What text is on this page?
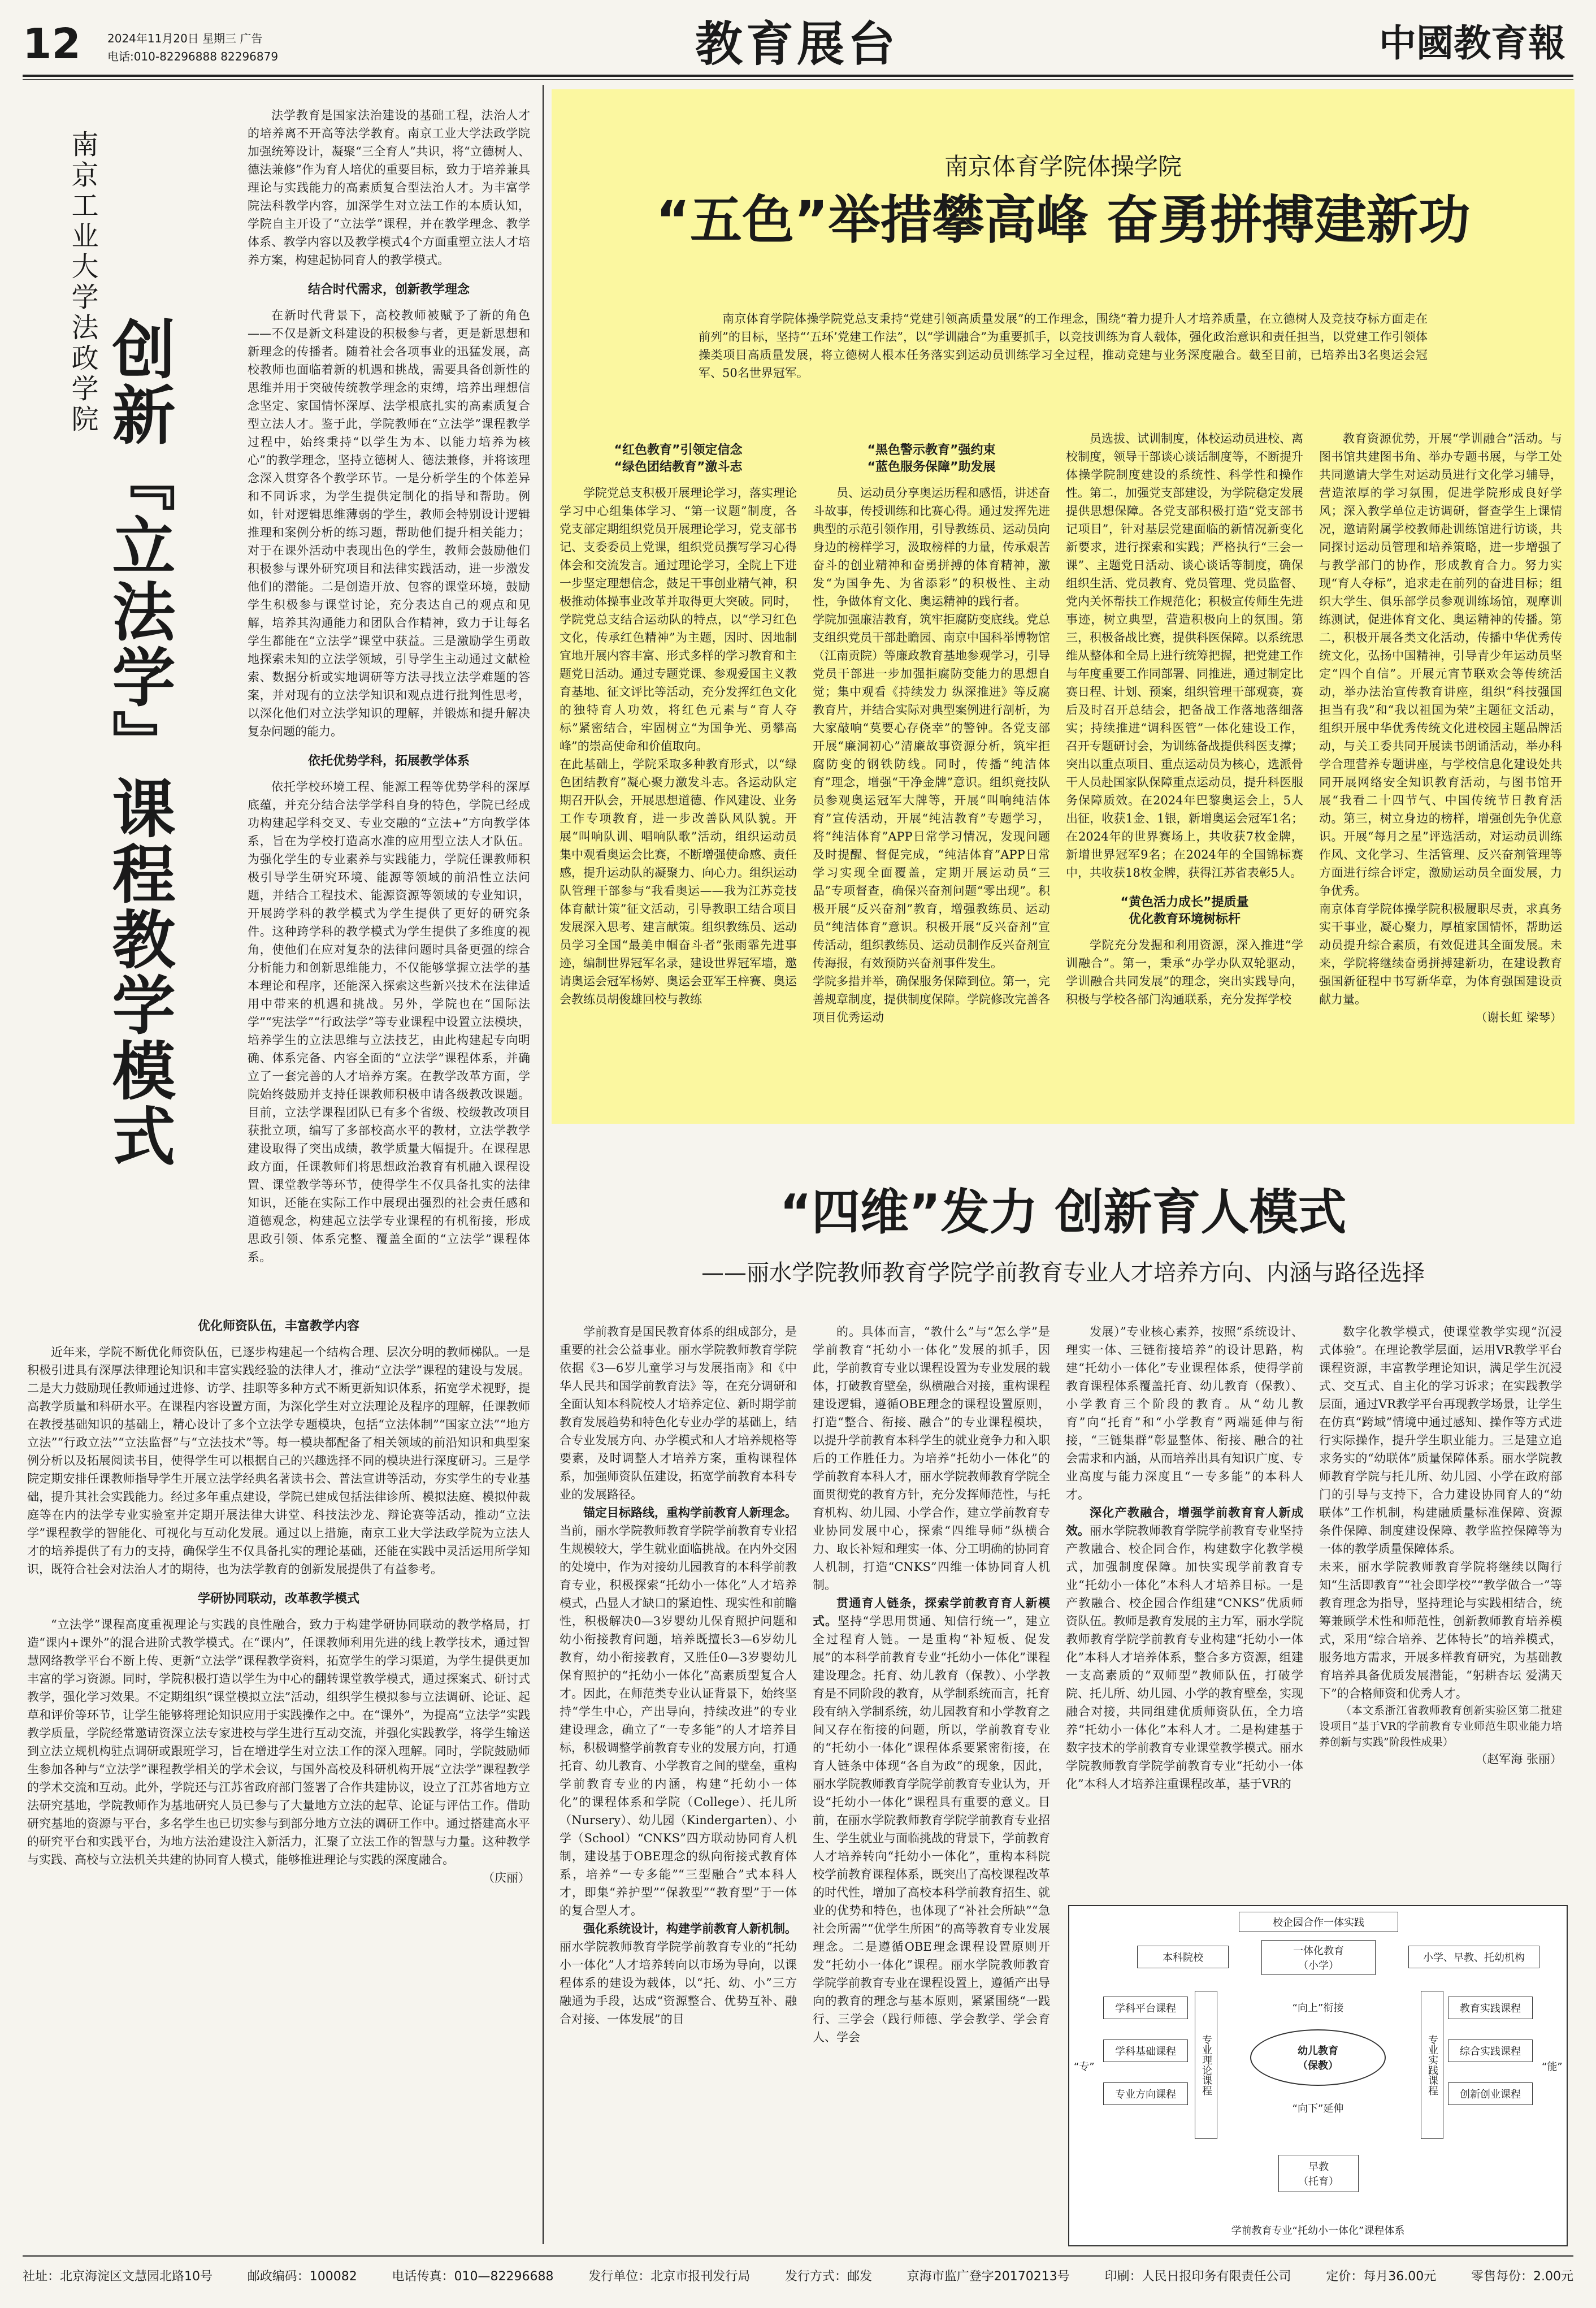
12 2024年11月20日 星期三 广告
电话:010-82296888 82296879	教育展台	中國教育報
南京工业大学法政学院
创新『立法学』课程教学模式

法学教育是国家法治建设的基础工程，法治人才的培养离不开高等法学教育。南京工业大学法政学院加强统筹设计，凝聚“三全育人”共识，将“立德树人、德法兼修”作为育人培优的重要目标，致力于培养兼具理论与实践能力的高素质复合型法治人才。为丰富学院法科教学内容，加深学生对立法工作的本质认知，学院自主开设了“立法学”课程，并在教学理念、教学体系、教学内容以及教学模式4个方面重塑立法人才培养方案，构建起协同育人的教学模式。

结合时代需求，创新教学理念

在新时代背景下，高校教师被赋予了新的角色——不仅是新文科建设的积极参与者，更是新思想和新理念的传播者。随着社会各项事业的迅猛发展，高校教师也面临着新的机遇和挑战，需要具备创新性的思维并用于突破传统教学理念的束缚，培养出理想信念坚定、家国情怀深厚、法学根底扎实的高素质复合型立法人才。鉴于此，学院教师在“立法学”课程教学过程中，始终秉持“以学生为本、以能力培养为核心”的教学理念，坚持立德树人、德法兼修，并将该理念深入贯穿各个教学环节。一是分析学生的个体差异和不同诉求，为学生提供定制化的指导和帮助。例如，针对逻辑思维薄弱的学生，教师会特别设计逻辑推理和案例分析的练习题，帮助他们提升相关能力；对于在课外活动中表现出色的学生，教师会鼓励他们积极参与课外研究项目和法律实践活动，进一步激发他们的潜能。二是创造开放、包容的课堂环境，鼓励学生积极参与课堂讨论，充分表达自己的观点和见解，培养其沟通能力和团队合作精神，致力于让每名学生都能在“立法学”课堂中获益。三是激励学生勇敢地探索未知的立法学领域，引导学生主动通过文献检索、数据分析或实地调研等方法寻找立法学难题的答案，并对现有的立法学知识和观点进行批判性思考，以深化他们对立法学知识的理解，并锻炼和提升解决复杂问题的能力。

依托优势学科，拓展教学体系

依托学校环境工程、能源工程等优势学科的深厚底蕴，并充分结合法学学科自身的特色，学院已经成功构建起学科交叉、专业交融的“立法+”方向教学体系，旨在为学校打造高水准的应用型立法人才队伍。为强化学生的专业素养与实践能力，学院任课教师积极引导学生研究环境、能源等领域的前沿性立法问题，并结合工程技术、能源资源等领域的专业知识，开展跨学科的教学模式为学生提供了更好的研究条件。这种跨学科的教学模式为学生提供了多维度的视角，使他们在应对复杂的法律问题时具备更强的综合分析能力和创新思维能力，不仅能够掌握立法学的基本理论和程序，还能深入探索这些新兴技术在法律适用中带来的机遇和挑战。另外，学院也在“国际法学”“宪法学”“行政法学”等专业课程中设置立法模块，培养学生的立法思维与立法技艺，由此构建起专向明确、体系完备、内容全面的“立法学”课程体系，并确立了一套完善的人才培养方案。在教学改革方面，学院始终鼓励并支持任课教师积极申请各级教改课题。目前，立法学课程团队已有多个省级、校级教改项目获批立项，编写了多部校高水平的教材，立法学教学建设取得了突出成绩，教学质量大幅提升。在课程思政方面，任课教师们将思想政治教育有机融入课程设置、课堂教学等环节，使得学生不仅具备扎实的法律知识，还能在实际工作中展现出强烈的社会责任感和道德观念，构建起立法学专业课程的有机衔接，形成思政引领、体系完整、覆盖全面的“立法学”课程体系。

优化师资队伍，丰富教学内容

近年来，学院不断优化师资队伍，已逐步构建起一个结构合理、层次分明的教师梯队。一是积极引进具有深厚法律理论知识和丰富实践经验的法律人才，推动“立法学”课程的建设与发展。二是大力鼓励现任教师通过进修、访学、挂职等多种方式不断更新知识体系，拓宽学术视野，提高教学质量和科研水平。在课程内容设置方面，为深化学生对立法理论及程序的理解，任课教师在教授基础知识的基础上，精心设计了多个立法学专题模块，包括“立法体制”“国家立法”“地方立法”“行政立法”“立法监督”与“立法技术”等。每一模块都配备了相关领域的前沿知识和典型案例分析以及拓展阅读书目，使得学生可以根据自己的兴趣选择不同的模块进行深度研习。三是学院定期安排任课教师指导学生开展立法学经典名著读书会、普法宣讲等活动，夯实学生的专业基础，提升其社会实践能力。经过多年重点建设，学院已建成包括法律诊所、模拟法庭、模拟仲裁庭等在内的法学专业实验室并定期开展法律大讲堂、科技法沙龙、辩论赛等活动，推动“立法学”课程教学的智能化、可视化与互动化发展。通过以上措施，南京工业大学法政学院为立法人才的培养提供了有力的支持，确保学生不仅具备扎实的理论基础，还能在实践中灵活运用所学知识，既符合社会对法治人才的期待，也为法学教育的创新发展提供了有益参考。

学研协同联动，改革教学模式

“立法学”课程高度重视理论与实践的良性融合，致力于构建学研协同联动的教学格局，打造“课内+课外”的混合进阶式教学模式。在“课内”，任课教师利用先进的线上教学技术，通过智慧网络教学平台不断上传、更新“立法学”课程教学资料，拓宽学生的学习渠道，为学生提供更加丰富的学习资源。同时，学院积极打造以学生为中心的翻转课堂教学模式，通过探案式、研讨式教学，强化学习效果。不定期组织“课堂模拟立法”活动，组织学生模拟参与立法调研、论证、起草和评价等环节，让学生能够将理论知识应用于实践操作之中。在“课外”，为提高“立法学”实践教学质量，学院经常邀请资深立法专家进校与学生进行互动交流，并强化实践教学，将学生输送到立法立规机构驻点调研或跟班学习，旨在增进学生对立法工作的深入理解。同时，学院鼓励师生参加各种与“立法学”课程教学相关的学术会议，与国外高校及科研机构开展“立法学”课程教学的学术交流和互动。此外，学院还与江苏省政府部门签署了合作共建协议，设立了江苏省地方立法研究基地，学院教师作为基地研究人员已参与了大量地方立法的起草、论证与评估工作。借助研究基地的资源与平台，多名学生也已切实参与到部分地方立法的调研工作中。通过搭建高水平的研究平台和实践平台，为地方法治建设注入新活力，汇聚了立法工作的智慧与力量。这种教学与实践、高校与立法机关共建的协同育人模式，能够推进理论与实践的深度融合。

（庆丽）
南京体育学院体操学院
“五色”举措攀高峰 奋勇拼搏建新功
南京体育学院体操学院党总支秉持“党建引领高质量发展”的工作理念，围绕“着力提升人才培养质量，在立德树人及竞技夺标方面走在前列”的目标，坚持“‘五环’党建工作法”，以“学训融合”为重要抓手，以竞技训练为育人载体，强化政治意识和责任担当，以党建工作引领体操类项目高质量发展，将立德树人根本任务落实到运动员训练学习全过程，推动竞建与业务深度融合。截至目前，已培养出3名奥运会冠军、50名世界冠军。
“红色教育”引领定信念
“绿色团结教育”激斗志

学院党总支积极开展理论学习，落实理论学习中心组集体学习、“第一议题”制度，各党支部定期组织党员开展理论学习，党支部书记、支委委员上党课，组织党员撰写学习心得体会和交流发言。通过理论学习，全院上下进一步坚定理想信念，鼓足干事创业精气神，积极推动体操事业改革并取得更大突破。同时，学院党总支结合运动队的特点，以“学习红色文化，传承红色精神”为主题，因时、因地制宜地开展内容丰富、形式多样的学习教育和主题党日活动。通过专题党课、参观爱国主义教育基地、征文评比等活动，充分发挥红色文化的独特育人功效，将红色元素与“育人夺标”紧密结合，牢固树立“为国争光、勇攀高峰”的崇高使命和价值取向。
在此基础上，学院采取多种教育形式，以“绿色团结教育”凝心聚力激发斗志。各运动队定期召开队会，开展思想道德、作风建设、业务工作专项教育，进一步改善队风队貌。开展“叫响队训、唱响队歌”活动，组织运动员集中观看奥运会比赛，不断增强使命感、责任感，提升运动队的凝聚力、向心力。组织运动队管理干部参与“我看奥运——我为江苏竞技体育献计策”征文活动，引导教职工结合项目发展深入思考、建言献策。组织教练员、运动员学习全国“最美申帼奋斗者”张雨霏先进事迹，编制世界冠军名录，建设世界冠军墙，邀请奥运会冠军杨婷、奥运会亚军王梓赛、奥运会教练员胡俊雄回校与教练

“黑色警示教育”强约束
“蓝色服务保障”助发展

员、运动员分享奥运历程和感悟，讲述奋斗故事，传授训练和比赛心得。通过发挥先进典型的示范引领作用，引导教练员、运动员向身边的榜样学习，汲取榜样的力量，传承艰苦奋斗的创业精神和奋勇拼搏的体育精神，激发“为国争先、为省添彩”的积极性、主动性，争做体育文化、奥运精神的践行者。
学院加强廉洁教育，筑牢拒腐防变底线。党总支组织党员干部赴瞻园、南京中国科举博物馆（江南贡院）等廉政教育基地参观学习，引导党员干部进一步加强拒腐防变能力的思想自觉；集中观看《持续发力 纵深推进》等反腐教育片，并结合实际对典型案例进行剖析，为大家敲响“莫要心存侥幸”的警钟。各党支部开展“廉洞初心”清廉故事资源分析，筑牢拒腐防变的钢铁防线。同时，传播“纯洁体育”理念，增强“干净金牌”意识。组织竞技队员参观奥运冠军大牌等，开展“叫响纯洁体育”宣传活动，开展“纯洁教育”专题学习，将“纯洁体育”APP日常学习情况，发现问题及时提醒、督促完成，“纯洁体育”APP日常学习实现全面覆盖，定期开展运动员“三品”专项督查，确保兴奋剂问题“零出现”。积极开展“反兴奋剂”教育，增强教练员、运动员“纯洁体育”意识。积极开展“反兴奋剂”宣传活动，组织教练员、运动员制作反兴奋剂宣传海报，有效预防兴奋剂事件发生。
学院多措并举，确保服务保障到位。第一，完善规章制度，提供制度保障。学院修改完善各项目优秀运动

员选拔、试训制度，体校运动员进校、离校制度，领导干部谈心谈话制度等，不断提升体操学院制度建设的系统性、科学性和操作性。第二，加强党支部建设，为学院稳定发展提供思想保障。各党支部积极打造“党支部书记项目”，针对基层党建面临的新情况新变化新要求，进行探索和实践；严格执行“三会一课”、主题党日活动、谈心谈话等制度，确保组织生活、党员教育、党员管理、党员监督、党内关怀帮扶工作规范化；积极宣传师生先进事迹，树立典型，营造积极向上的氛围。第三，积极备战比赛，提供科医保障。以系统思维从整体和全局上进行统筹把握，把党建工作与年度重要工作同部署、同推进，通过制定比赛日程、计划、预案，组织管理干部观赛，赛后及时召开总结会，把备战工作落地落细落实；持续推进“调科医管”一体化建设工作，召开专题研讨会，为训练备战提供科医支撑；突出以重点项目、重点运动员为核心，选派骨干人员赴国家队保障重点运动员，提升科医服务保障质效。在2024年巴黎奥运会上，5人出征，收获1金、1银，新增奥运会冠军1名；在2024年的世界赛场上，共收获7枚金牌，新增世界冠军9名；在2024年的全国锦标赛中，共收获18枚金牌，获得江苏省表彰5人。

“黄色活力成长”提质量
优化教育环境树标杆

学院充分发掘和利用资源，深入推进“学训融合”。第一，秉承“办学办队双轮驱动，学训融合共同发展”的理念，突出实践导向，积极与学校各部门沟通联系，充分发挥学校

教育资源优势，开展“学训融合”活动。与图书馆共建图书角、举办专题书展，与学工处共同邀请大学生对运动员进行文化学习辅导，营造浓厚的学习氛围，促进学院形成良好学风；深入教学单位走访调研，督查学生上课情况，邀请附属学校教师赴训练馆进行访谈，共同探讨运动员管理和培养策略，进一步增强了与教学部门的协作，形成教育合力。努力实现“育人夺标”，追求走在前列的奋进目标；组织大学生、俱乐部学员参观训练场馆，观摩训练测试，促进体育文化、奥运精神的传播。第二，积极开展各类文化活动，传播中华优秀传统文化，弘扬中国精神，引导青少年运动员坚定“四个自信”。开展元宵节联欢会等传统活动，举办法治宣传教育讲座，组织“科技强国 担当有我”和“我以祖国为荣”主题征文活动，组织开展中华优秀传统文化进校园主题品牌活动，与关工委共同开展读书朗诵活动，举办科学合理营养专题讲座，与学校信息化建设处共同开展网络安全知识教育活动，与图书馆开展“我看二十四节气、中国传统节日教育活动。第三，树立身边的榜样，增强创先争优意识。开展“每月之星”评选活动，对运动员训练作风、文化学习、生活管理、反兴奋剂管理等方面进行综合评定，激励运动员全面发展，力争优秀。
南京体育学院体操学院积极履职尽责，求真务实干事业，凝心聚力，厚植家国情怀，帮助运动员提升综合素质，有效促进其全面发展。未来，学院将继续奋勇拼搏建新功，在建设教育强国新征程中书写新华章，为体育强国建设贡献力量。

（谢长虹 梁琴）
“四维”发力 创新育人模式
——丽水学院教师教育学院学前教育专业人才培养方向、内涵与路径选择

学前教育是国民教育体系的组成部分，是重要的社会公益事业。丽水学院教师教育学院依据《3—6岁儿童学习与发展指南》和《中华人民共和国学前教育法》等，在充分调研和全面认知本科院校人才培养定位、新时期学前教育发展趋势和特色化专业办学的基础上，结合专业发展方向、办学模式和人才培养规格等要素，及时调整人才培养方案，重构课程体系，加强师资队伍建设，拓宽学前教育本科专业的发展路径。

锚定目标路线，重构学前教育人新理念。当前，丽水学院教师教育学院学前教育专业招生规模较大，学生就业面临挑战。在内外交困的处境中，作为对接幼儿园教育的本科学前教育专业，积极探索“托幼小一体化”人才培养模式，凸显人才缺口的紧迫性、现实性和前瞻性，积极解决0—3岁婴幼儿保育照护问题和幼小衔接教育问题，培养既擅长3—6岁幼儿教育，幼小衔接教育，又胜任0—3岁婴幼儿保育照护的“托幼小一体化”高素质型复合人才。因此，在师范类专业认证背景下，始终坚持“学生中心，产出导向，持续改进”的专业建设理念，确立了“一专多能”的人才培养目标，积极调整学前教育专业的发展方向，打通托育、幼儿教育、小学教育之间的壁垒，重构学前教育专业的内涵，构建“托幼小一体化”的课程体系和学院（College）、托儿所（Nursery）、幼儿园（Kindergarten）、小学（School）“CNKS”四方联动协同育人机制，建设基于OBE理念的纵向衔接式教育体系，培养“一专多能”“三型融合”式本科人才，即集“养护型”“保教型”“教育型”于一体的复合型人才。

强化系统设计，构建学前教育人新机制。丽水学院教师教育学院学前教育专业的“托幼小一体化”人才培养转向以市场为导向，以课程体系的建设为载体，以“托、幼、小”三方融通为手段，达成“资源整合、优势互补、融合对接、一体发展”的目

的。具体而言，“教什么”与“怎么学”是学前教育“托幼小一体化”发展的抓手，因此，学前教育专业以课程设置为专业发展的载体，打破教育壁垒，纵横融合对接，重构课程建设逻辑，遵循OBE理念的课程设置原则，打造“整合、衔接、融合”的专业课程模块，以提升学前教育本科学生的就业竞争力和入职后的工作胜任力。为培养“托幼小一体化”的学前教育本科人才，丽水学院教师教育学院全面贯彻党的教育方针，充分发挥师范性，与托育机构、幼儿园、小学合作，建立学前教育专业协同发展中心，探索“四维导师”纵横合力、取长补短和理实一体、分工明确的协同育人机制，打造“CNKS”四维一体协同育人机制。

贯通育人链条，探索学前教育育人新模式。坚持“学思用贯通、知信行统一”，建立全过程育人链。一是重构“补短板、促发展”的本科学前教育专业“托幼小一体化”课程建设理念。托育、幼儿教育（保教）、小学教育是不同阶段的教育，从学制系统而言，托育段有纳入学制系统，幼儿园教育和小学教育之间又存在衔接的问题，所以，学前教育专业的“托幼小一体化”课程体系要紧密衔接，在育人链条中体现“各自为政”的现象，因此，丽水学院教师教育学院学前教育专业认为，开设“托幼小一体化”课程具有重要的意义。目前，在丽水学院教师教育学院学前教育专业招生、学生就业与面临挑战的背景下，学前教育人才培养转向“托幼小一体化”，重构本科院校学前教育课程体系，既突出了高校课程改革的时代性，增加了高校本科学前教育招生、就业的优势和特色，也体现了“补社会所缺”“急社会所需”“优学生所困”的高等教育专业发展理念。二是遵循OBE理念课程设置原则开发“托幼小一体化”课程。丽水学院教师教育学院学前教育专业在课程设置上，遵循产出导向的教育的理念与基本原则，紧紧围绕“一践行、三学会（践行师德、学会教学、学会育人、学会

发展）”专业核心素养，按照“系统设计、理实一体、三链衔接培养”的设计思路，构建“托幼小一体化”专业课程体系，使得学前教育课程体系覆盖托育、幼儿教育（保教）、小学教育三个阶段的教育。从“幼儿教育”向“托育”和“小学教育”两端延伸与衔接，“三链集群”彰显整体、衔接、融合的社会需求和内涵，从而培养出具有知识广度、专业高度与能力深度且“一专多能”的本科人才。

深化产教融合，增强学前教育育人新成效。丽水学院教师教育学院学前教育专业坚持产教融合、校企同合作，构建数字化教学模式，加强制度保障。加快实现学前教育专业“托幼小一体化”本科人才培养目标。一是产教融合、校企园合作组建“CNKS”优质师资队伍。教师是教育发展的主力军，丽水学院教师教育学院学前教育专业构建“托幼小一体化”本科人才培养体系，整合多方资源，组建一支高素质的“双师型”教师队伍，打破学院、托儿所、幼儿园、小学的教育壁垒，实现融合对接，共同组建优质师资队伍，全力培养“托幼小一体化”本科人才。二是构建基于数字技术的学前教育专业课堂教学模式。丽水学院教师教育学院学前教育专业“托幼小一体化”本科人才培养注重课程改革，基于VR的

数字化教学模式，使课堂教学实现“沉浸式体验”。在理论教学层面，运用VR教学平台课程资源，丰富教学理论知识，满足学生沉浸式、交互式、自主化的学习诉求；在实践教学层面，通过VR教学平台再现教学场景，让学生在仿真“跨域”情境中通过感知、操作等方式进行实际操作，提升学生职业能力。三是建立追求务实的“幼联体”质量保障体系。丽水学院教师教育学院与托儿所、幼儿园、小学在政府部门的引导与支持下，合力建设协同育人的“幼联体”工作机制，构建融质量标准保障、资源条件保障、制度建设保障、教学监控保障等为一体的教学质量保障体系。
未来，丽水学院教师教育学院将继续以陶行知“生活即教育”“社会即学校”“教学做合一”等教育理念为指导，坚持理论与实践相结合，统筹兼顾学术性和师范性，创新教师教育培养模式，采用“综合培养、艺体特长”的培养模式，服务地方需求，开展多样教育研究，为基础教育培养具备优质发展潜能，“躬耕杏坛 爱满天下”的合格师资和优秀人才。

（本文系浙江省教师教育创新实验区第二批建设项目“基于VR的学前教育专业师范生职业能力培养创新与实践”阶段性成果）

（赵军海 张丽）
校企园合作一体实践
本科院校
一体化教育
（小学）
小学、早教、托幼机构
专业理论课程
学科平台课程
学科基础课程
专业方向课程
“专”
“向上”衔接
幼儿教育
（保教）
“向下”延伸
专业实践课程
教育实践课程
综合实践课程
创新创业课程
“能”
早教
（托育）
学前教育专业“托幼小一体化”课程体系
社址：北京海淀区文慧园北路10号	邮政编码：100082	电话传真：010—82296688	发行单位：北京市报刊发行局	发行方式：邮发	京海市监广登字20170213号	印刷：人民日报印务有限责任公司	定价：每月36.00元	零售每份：2.00元
